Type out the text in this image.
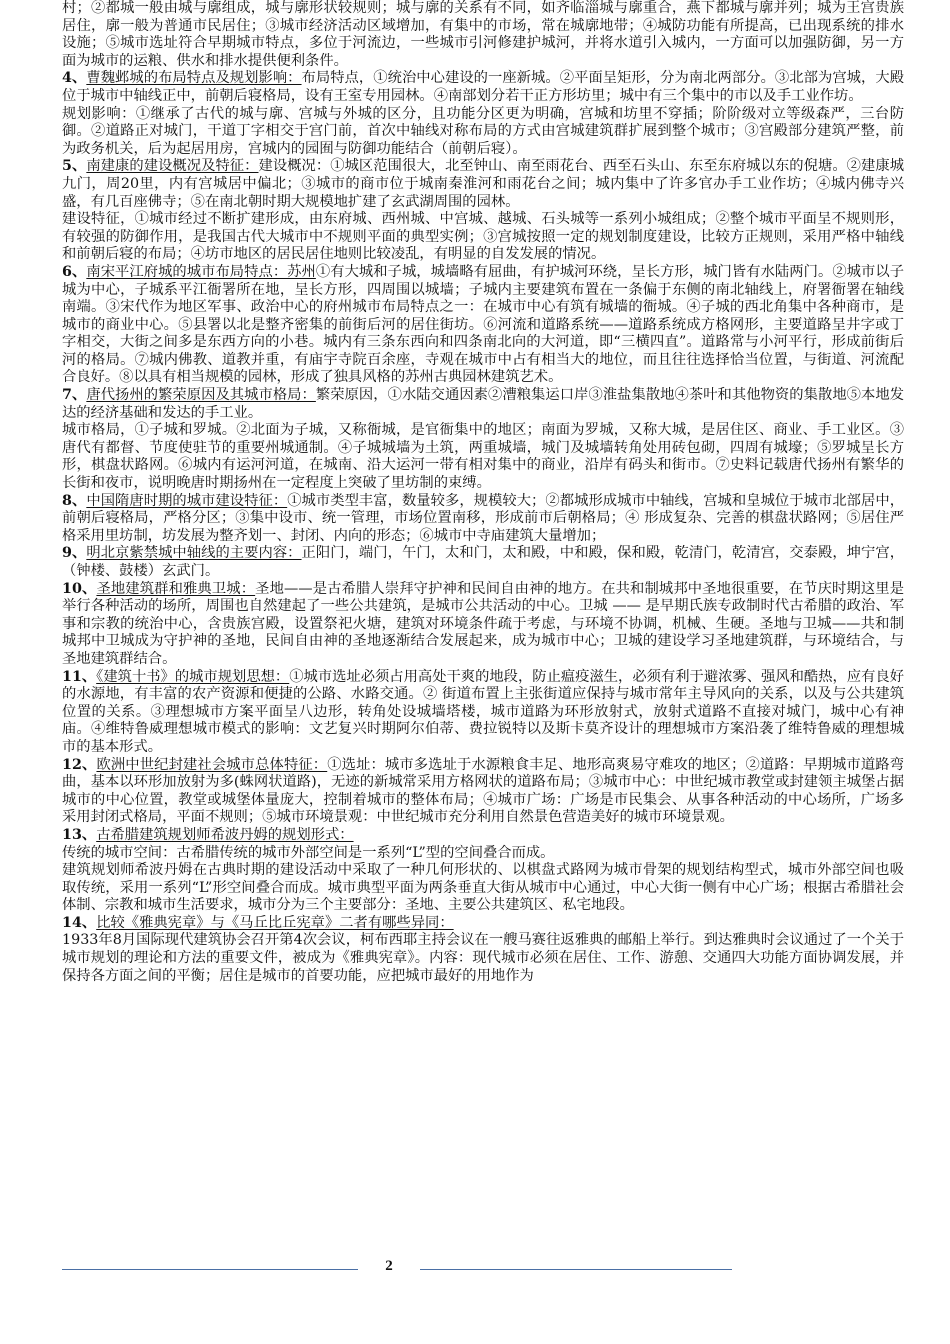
村；②都城一般由城与廓组成，城与廓形状较规则；城与廓的关系有不同，如齐临淄城与廓重合，燕下都城与廓并列；城为王宫贵族居住，廓一般为普通市民居住；③城市经济活动区域增加，有集中的市场，常在城廓地带；④城防功能有所提高，已出现系统的排水设施；⑤城市选址符合早期城市特点，多位于河流边，一些城市引河修建护城河，并将水道引入城内，一方面可以加强防御，另一方面为城市的运粮、供水和排水提供便利条件。

4、曹魏邺城的布局特点及规划影响：布局特点，①统治中心建设的一座新城。②平面呈矩形，分为南北两部分。③北部为宫城，大殿位于城市中轴线正中，前朝后寝格局，设有王室专用园林。④南部划分若干正方形坊里；城中有三个集中的市以及手工业作坊。

规划影响：①继承了古代的城与廓、宫城与外城的区分，且功能分区更为明确，宫城和坊里不穿插；阶阶级对立等级森严，三台防御。②道路正对城门，干道丁字相交于宫门前，首次中轴线对称布局的方式由宫城建筑群扩展到整个城市；③宫殿部分建筑严整，前为政务机关，后为起居用房，宫城内的园囿与防御功能结合（前朝后寝）。

5、南建康的建设概况及特征：建设概况：①城区范围很大，北至钟山、南至雨花台、西至石头山、东至东府城以东的倪塘。②建康城九门，周20里，内有宫城居中偏北；③城市的商市位于城南秦淮河和雨花台之间；城内集中了许多官办手工业作坊；④城内佛寺兴盛，有几百座佛寺；⑤在南北朝时期大规模地扩建了玄武湖周围的园林。

建设特征，①城市经过不断扩建形成，由东府城、西州城、中宫城、越城、石头城等一系列小城组成；②整个城市平面呈不规则形，有较强的防御作用，是我国古代大城市中不规则平面的典型实例；③宫城按照一定的规划制度建设，比较方正规则，采用严格中轴线和前朝后寝的布局；④坊市地区的居民居住地则比较凌乱，有明显的自发发展的情况。

6、南宋平江府城的城市布局特点：苏州①有大城和子城，城墙略有屈曲，有护城河环绕，呈长方形，城门皆有水陆两门。②城市以子城为中心，子城系平江衙署所在地，呈长方形，四周围以城墙；子城内主要建筑布置在一条偏于东侧的南北轴线上，府署衙署在轴线南端。③宋代作为地区军事、政治中心的府州城市布局特点之一：在城市中心有筑有城墙的衙城。④子城的西北角集中各种商市，是城市的商业中心。⑤县署以北是整齐密集的前街后河的居住街坊。⑥河流和道路系统——道路系统成方格网形，主要道路呈井字或丁字相交，大街之间多是东西方向的小巷。城内有三条东西向和四条南北向的大河道，即“三横四直”。道路常与小河平行，形成前街后河的格局。⑦城内佛教、道教并重，有庙宇寺院百余座，寺观在城市中占有相当大的地位，而且往往选择恰当位置，与街道、河流配合良好。⑧以具有相当规模的园林，形成了独具风格的苏州古典园林建筑艺术。

7、唐代扬州的繁荣原因及其城市格局：繁荣原因，①水陆交通因素②漕粮集运口岸③淮盐集散地④茶叶和其他物资的集散地⑤本地发达的经济基础和发达的手工业。

城市格局，①子城和罗城。②北面为子城，又称衙城，是官衙集中的地区；南面为罗城，又称大城，是居住区、商业、手工业区。③唐代有都督、节度使驻节的重要州城通制。④子城城墙为土筑，两重城墙，城门及城墙转角处用砖包砌，四周有城壕；⑤罗城呈长方形，棋盘状路网。⑥城内有运河河道，在城南、沿大运河一带有相对集中的商业，沿岸有码头和街市。⑦史料记载唐代扬州有繁华的长街和夜市，说明晚唐时期扬州在一定程度上突破了里坊制的束缚。

8、中国隋唐时期的城市建设特征：①城市类型丰富，数量较多，规模较大；②都城形成城市中轴线，宫城和皇城位于城市北部居中，前朝后寝格局，严格分区；③集中设市、统一管理，市场位置南移，形成前市后朝格局；④ 形成复杂、完善的棋盘状路网；⑤居住严格采用里坊制，坊发展为整齐划一、封闭、内向的形态；⑥城市中寺庙建筑大量增加；

9、明北京紫禁城中轴线的主要内容：正阳门，端门，午门，太和门，太和殿，中和殿，保和殿，乾清门，乾清宫，交泰殿，坤宁宫，（钟楼、鼓楼）玄武门。

10、圣地建筑群和雅典卫城：圣地——是古希腊人崇拜守护神和民间自由神的地方。在共和制城邦中圣地很重要，在节庆时期这里是举行各种活动的场所，周围也自然建起了一些公共建筑，是城市公共活动的中心。卫城 —— 是早期氏族专政制时代古希腊的政治、军事和宗教的统治中心，含贵族宫殿，设置祭祀火塘，建筑对环境条件疏于考虑，与环境不协调，机械、生硬。圣地与卫城——共和制城邦中卫城成为守护神的圣地，民间自由神的圣地逐渐结合发展起来，成为城市中心；卫城的建设学习圣地建筑群，与环境结合，与圣地建筑群结合。

11、《建筑十书》的城市规划思想：①城市选址必须占用高处干爽的地段，防止瘟疫滋生，必须有利于避浓雾、强风和酷热，应有良好的水源地，有丰富的农产资源和便捷的公路、水路交通。② 街道布置上主张街道应保持与城市常年主导风向的关系，以及与公共建筑位置的关系。③理想城市方案平面呈八边形，转角处设城墙塔楼，城市道路为环形放射式，放射式道路不直接对城门，城中心有神庙。④维特鲁威理想城市模式的影响：文艺复兴时期阿尔伯蒂、费拉锐特以及斯卡莫齐设计的理想城市方案沿袭了维特鲁威的理想城市的基本形式。

12、欧洲中世纪封建社会城市总体特征：①选址：城市多选址于水源粮食丰足、地形高爽易守难攻的地区；②道路：早期城市道路弯曲，基本以环形加放射为多(蛛网状道路)，无迹的新城常采用方格网状的道路布局；③城市中心：中世纪城市教堂或封建领主城堡占据城市的中心位置，教堂或城堡体量庞大，控制着城市的整体布局；④城市广场：广场是市民集会、从事各种活动的中心场所，广场多采用封闭式格局，平面不规则；⑤城市环境景观：中世纪城市充分利用自然景色营造美好的城市环境景观。

13、古希腊建筑规划师希波丹姆的规划形式：

传统的城市空间：古希腊传统的城市外部空间是一系列“L”型的空间叠合而成。

建筑规划师希波丹姆在古典时期的建设活动中采取了一种几何形状的、以棋盘式路网为城市骨架的规划结构型式，城市外部空间也吸取传统，采用一系列“L”形空间叠合而成。城市典型平面为两条垂直大街从城市中心通过，中心大街一侧有中心广场；根据古希腊社会体制、宗教和城市生活要求，城市分为三个主要部分：圣地、主要公共建筑区、私宅地段。

14、比较《雅典宪章》与《马丘比丘宪章》二者有哪些异同：

1933年8月国际现代建筑协会召开第4次会议，柯布西耶主持会议在一艘马赛往返雅典的邮船上举行。到达雅典时会议通过了一个关于城市规划的理论和方法的重要文件，被成为《雅典宪章》。内容：现代城市必须在居住、工作、游憩、交通四大功能方面协调发展，并保持各方面之间的平衡；居住是城市的首要功能，应把城市最好的用地作为

2
